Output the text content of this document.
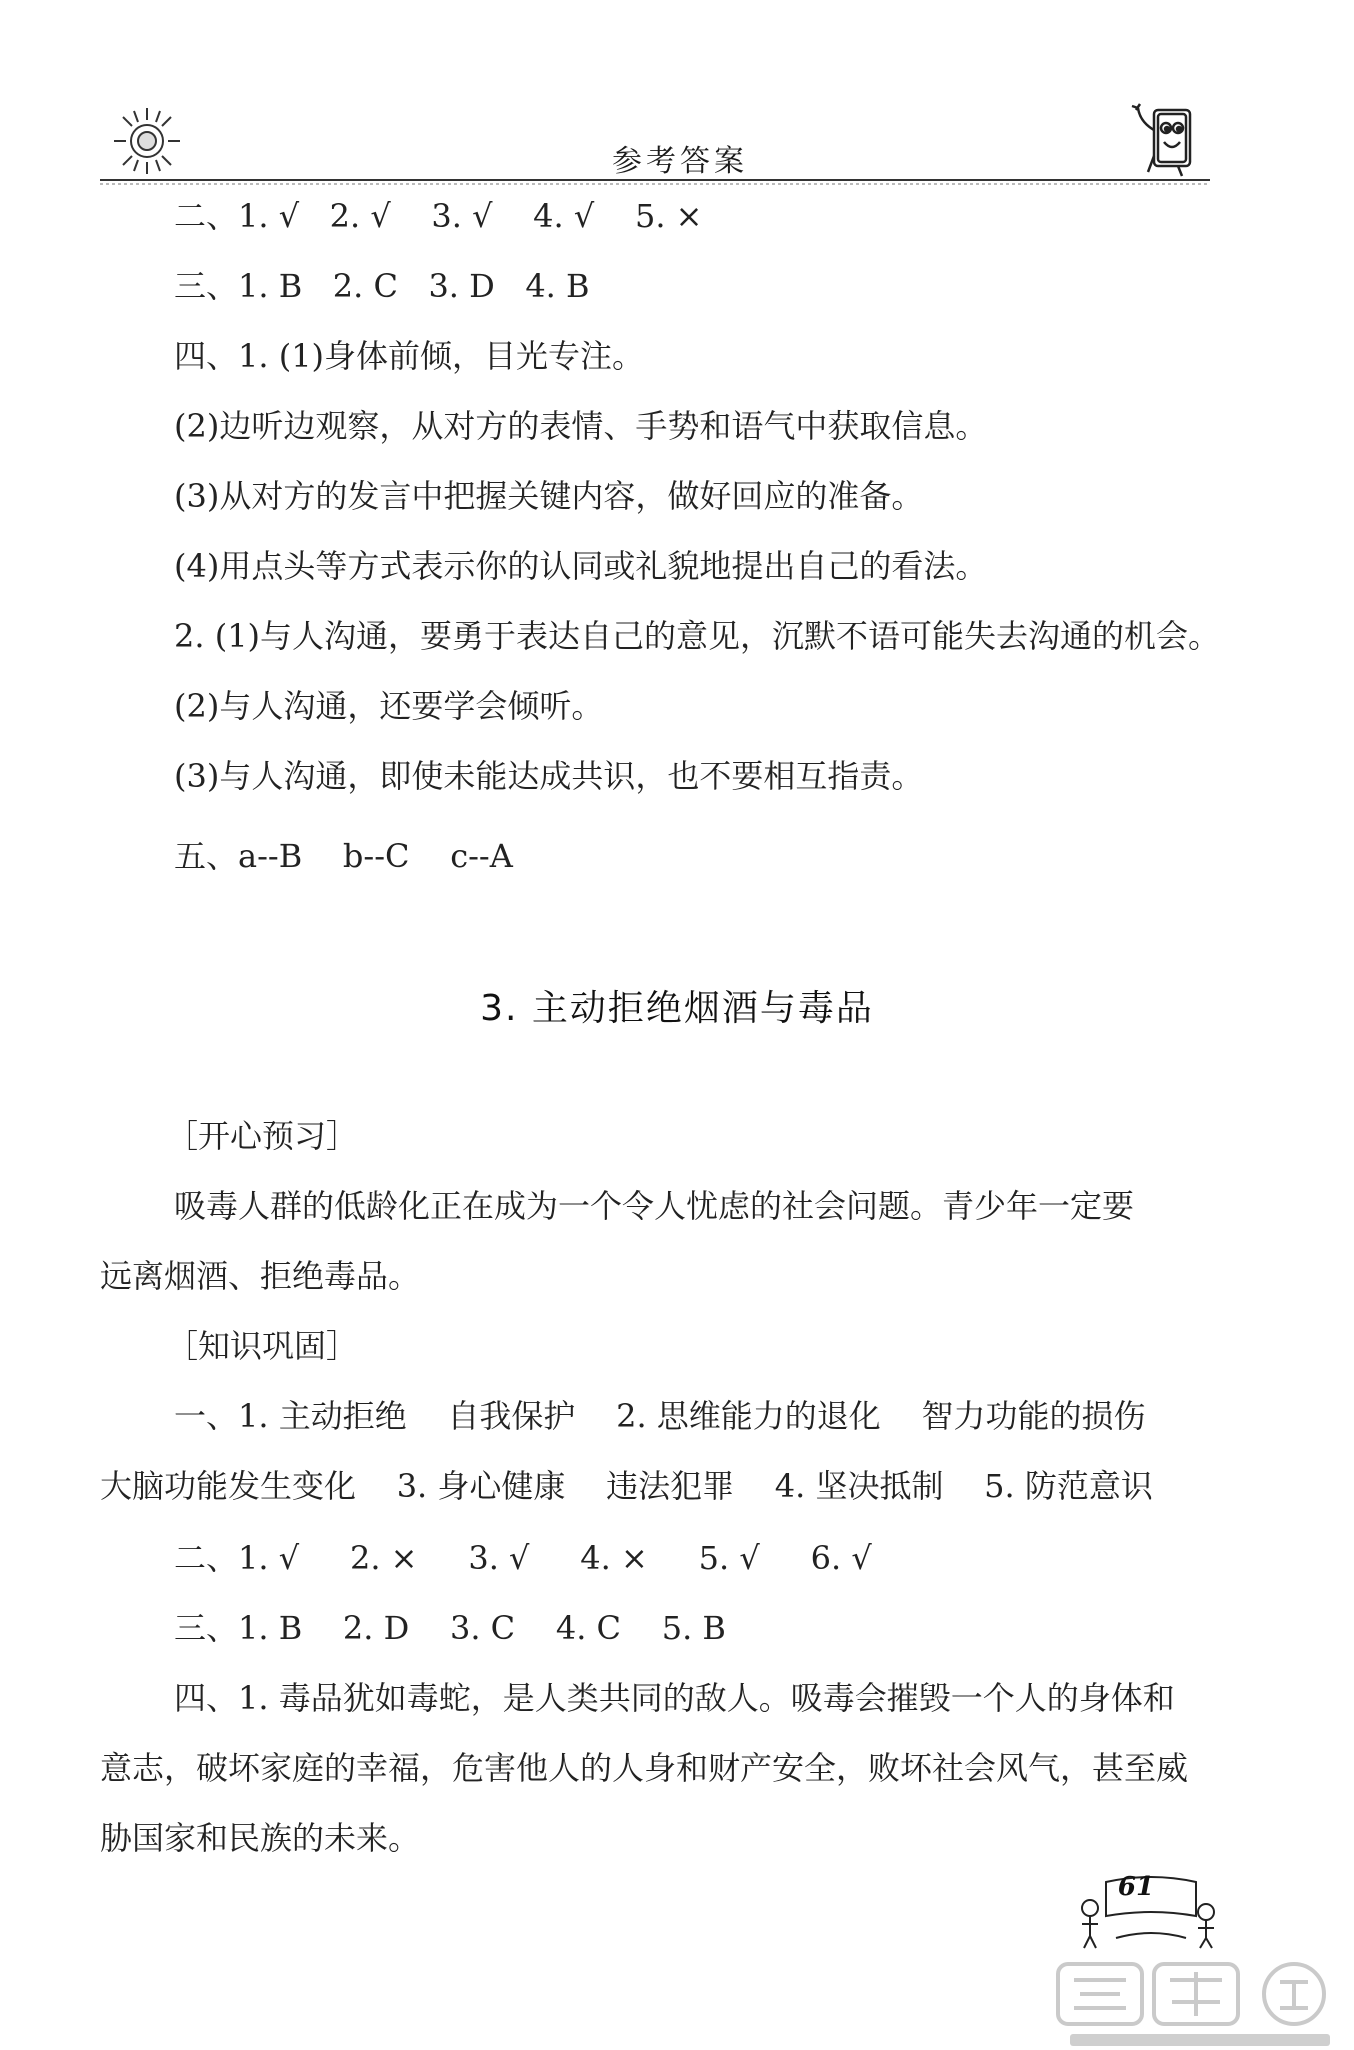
参考答案
二、1. √   2. √    3. √    4. √    5. ×
三、1. B   2. C   3. D   4. B
四、1. (1)身体前倾，目光专注。
(2)边听边观察，从对方的表情、手势和语气中获取信息。
(3)从对方的发言中把握关键内容，做好回应的准备。
(4)用点头等方式表示你的认同或礼貌地提出自己的看法。
2. (1)与人沟通，要勇于表达自己的意见，沉默不语可能失去沟通的机会。
(2)与人沟通，还要学会倾听。
(3)与人沟通，即使未能达成共识，也不要相互指责。
五、a--B    b--C    c--A
3. 主动拒绝烟酒与毒品
［开心预习］
吸毒人群的低龄化正在成为一个令人忧虑的社会问题。青少年一定要
远离烟酒、拒绝毒品。
［知识巩固］
一、1. 主动拒绝    自我保护    2. 思维能力的退化    智力功能的损伤
大脑功能发生变化    3. 身心健康    违法犯罪    4. 坚决抵制    5. 防范意识
二、1. √     2. ×     3. √     4. ×     5. √     6. √
三、1. B    2. D    3. C    4. C    5. B
四、1. 毒品犹如毒蛇，是人类共同的敌人。吸毒会摧毁一个人的身体和
意志，破坏家庭的幸福，危害他人的人身和财产安全，败坏社会风气，甚至威
胁国家和民族的未来。
61
